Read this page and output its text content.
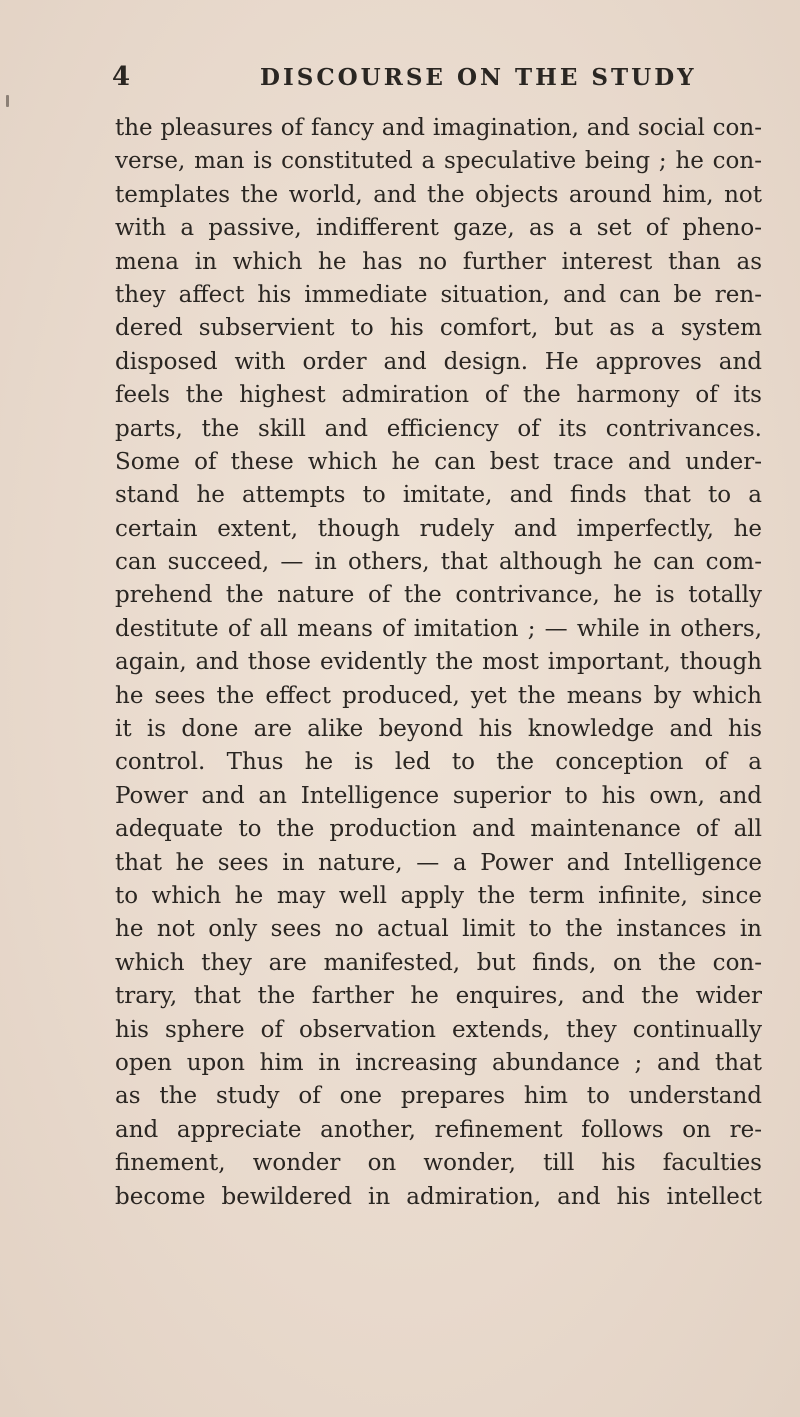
4	DISCOURSE ON THE STUDY
the pleasures of fancy and imagination, and social con-
verse, man is constituted a speculative being ; he con-
templates the world, and the objects around him, not
with a passive, indifferent gaze, as a set of pheno-
mena in which he has no further interest than as
they affect his immediate situation, and can be ren-
dered subservient to his comfort, but as a system
disposed with order and design. He approves and
feels the highest admiration of the harmony of its
parts, the skill and efficiency of its contrivances.
Some of these which he can best trace and under-
stand he attempts to imitate, and finds that to a
certain extent, though rudely and imperfectly, he
can succeed, — in others, that although he can com-
prehend the nature of the contrivance, he is totally
destitute of all means of imitation ; — while in others,
again, and those evidently the most important, though
he sees the effect produced, yet the means by which
it is done are alike beyond his knowledge and his
control. Thus he is led to the conception of a
Power and an Intelligence superior to his own, and
adequate to the production and maintenance of all
that he sees in nature, — a Power and Intelligence
to which he may well apply the term infinite, since
he not only sees no actual limit to the instances in
which they are manifested, but finds, on the con-
trary, that the farther he enquires, and the wider
his sphere of observation extends, they continually
open upon him in increasing abundance ; and that
as the study of one prepares him to understand
and appreciate another, refinement follows on re-
finement, wonder on wonder, till his faculties
become bewildered in admiration, and his intellect
